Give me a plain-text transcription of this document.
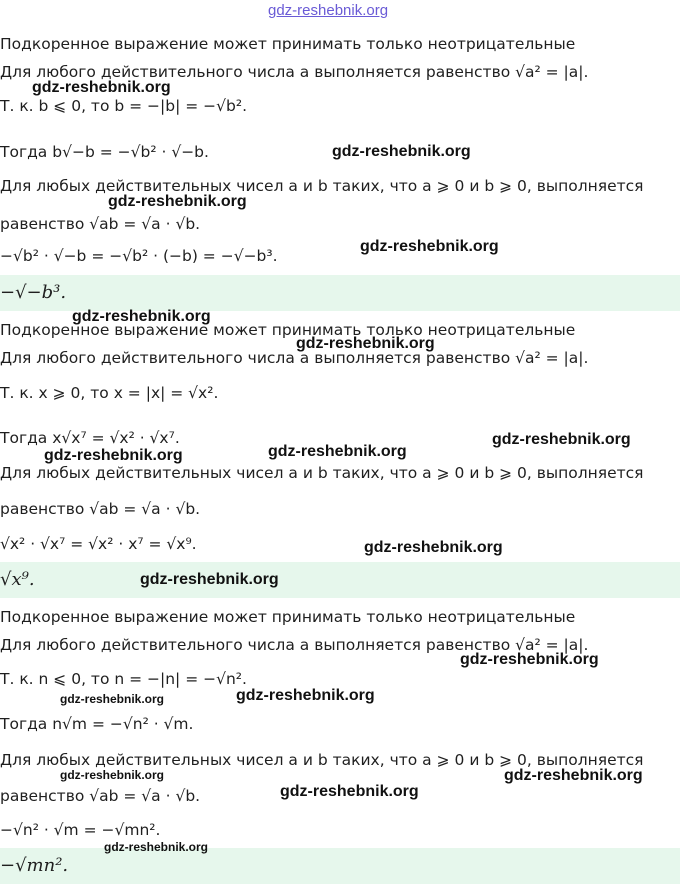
gdz-reshebnik.org
Подкоренное выражение может принимать только неотрицательные
Для любого действительного числа a выполняется равенство √a² = |a|.
Т. к. b ⩽ 0, то b = −|b| = −√b².
Тогда b√−b = −√b² · √−b.
Для любых действительных чисел a и b таких, что a ⩾ 0 и b ⩾ 0, выполняется
равенство √ab = √a · √b.
−√b² · √−b = −√b² · (−b) = −√−b³.
−√−b³.
Подкоренное выражение может принимать только неотрицательные
Для любого действительного числа a выполняется равенство √a² = |a|.
Т. к. x ⩾ 0, то x = |x| = √x².
Тогда x√x⁷ = √x² · √x⁷.
Для любых действительных чисел a и b таких, что a ⩾ 0 и b ⩾ 0, выполняется
равенство √ab = √a · √b.
√x² · √x⁷ = √x² · x⁷ = √x⁹.
√x⁹.
Подкоренное выражение может принимать только неотрицательные
Для любого действительного числа a выполняется равенство √a² = |a|.
Т. к. n ⩽ 0, то n = −|n| = −√n².
Тогда n√m = −√n² · √m.
Для любых действительных чисел a и b таких, что a ⩾ 0 и b ⩾ 0, выполняется
равенство √ab = √a · √b.
−√n² · √m = −√mn².
−√mn².
gdz-reshebnik.org
gdz-reshebnik.org
gdz-reshebnik.org
gdz-reshebnik.org
gdz-reshebnik.org
gdz-reshebnik.org
gdz-reshebnik.org
gdz-reshebnik.org
gdz-reshebnik.org
gdz-reshebnik.org
gdz-reshebnik.org
gdz-reshebnik.org
gdz-reshebnik.org	gdz-reshebnik.org
gdz-reshebnik.org	gdz-reshebnik.org
gdz-reshebnik.org
gdz-reshebnik.org
